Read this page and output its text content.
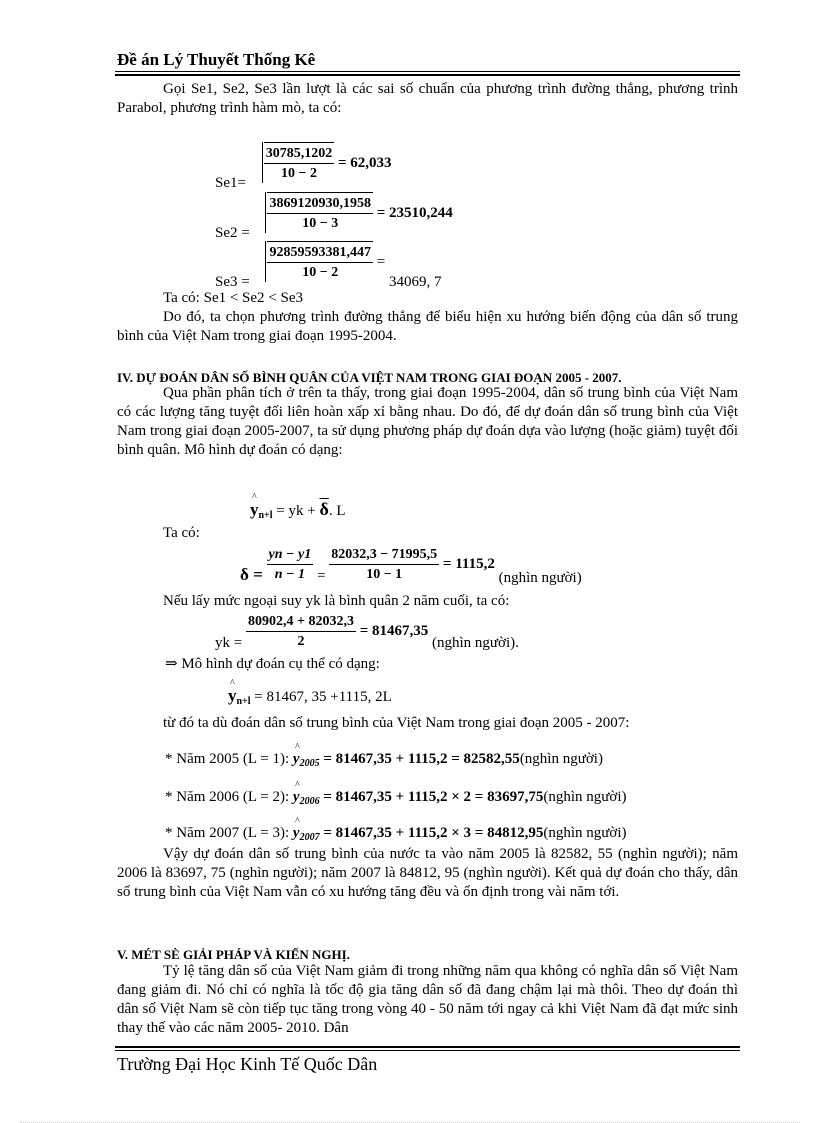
Đề án Lý Thuyết Thống Kê
Gọi Se1, Se2, Se3 lần lượt là các sai số chuẩn của phương trình đường thẳng, phương trình Parabol, phương trình hàm mò, ta có:
$Se1= \frac{30785,1202}{10 - 2} = 62,033$
$Se2 = \frac{3869120930,1958}{10 - 3} = 23510,244$
$Se3 = \frac{92859593381,447}{10 - 2} = 34069$, 7
Ta có: Se1 < Se2 < Se3
Do đó, ta chọn phương trình đường thẳng để biểu hiện xu hướng biến động của dân số trung bình của Việt Nam trong giai đoạn 1995-2004.
IV. DỰ ĐOÁN DÂN SỐ BÌNH QUÂN CỦA VIỆT NAM TRONG GIAI ĐOẠN 2005 - 2007.
Qua phần phân tích ở trên ta thấy, trong giai đoạn 1995-2004, dân số trung bình của Việt Nam có các lượng tăng tuyệt đối liên hoàn xấp xỉ bằng nhau. Do đó, để dự đoán dân số trung bình của Việt Nam trong giai đoạn 2005-2007, ta sử dụng phương pháp dự đoán dựa vào lượng (hoặc giảm) tuyệt đối bình quân. Mô hình dự đoán có dạng:
^ $y_{n+l}$ = yk + $\overline{\delta}$. L
Ta có:
$\delta = \frac{yn - y1}{n - 1} = \frac{82032,3 - 71995,5}{10 - 1} = 1115,2$ (nghìn người)
Nếu lấy mức ngoại suy yk là bình quân 2 năm cuối, ta có:
yk = $\frac{80902,4 + 82032,3}{2} = 81467,35$ (nghìn người).
⇒ Mô hình dự đoán cụ thể có dạng:
^ $y_{n+l} = 81467$, 35 +1115, 2L
từ đó ta dù đoán dân số trung bình của Việt Nam trong giai đoạn 2005 - 2007:
* Năm 2005 (L = 1): ^ $y_{2005} = 81467,35 + 1115,2$ = 82582,55(nghìn người)
* Năm 2006 (L = 2): ^ $y_{2006} = 81467,35 + 1115,2 \times 2$ = 83697,75(nghìn người)
* Năm 2007 (L = 3): ^ $y_{2007} = 81467,35 + 1115,2 \times 3$ = 84812,95(nghìn người)
Vậy dự đoán dân số trung bình của nước ta vào năm 2005 là 82582, 55 (nghìn người); năm 2006 là 83697, 75 (nghìn người); năm 2007 là 84812, 95 (nghìn người). Kết quả dự đoán cho thấy, dân số trung bình của Việt Nam vẫn có xu hướng tăng đều và ổn định trong vài năm tới.
V. MÉT SÈ GIẢI PHÁP VÀ KIẾN NGHỊ.
Tỷ lệ tăng dân số của Việt Nam giảm đi trong những năm qua không có nghĩa dân số Việt Nam đang giảm đi. Nó chỉ có nghĩa là tốc độ gia tăng dân số đã đang chậm lại mà thôi. Theo dự đoán thì dân số Việt Nam sẽ còn tiếp tục tăng trong vòng 40 - 50 năm tới ngay cả khi Việt Nam đã đạt mức sinh thay thế vào các năm 2005- 2010. Dân
Trường Đại Học Kinh Tế Quốc Dân
